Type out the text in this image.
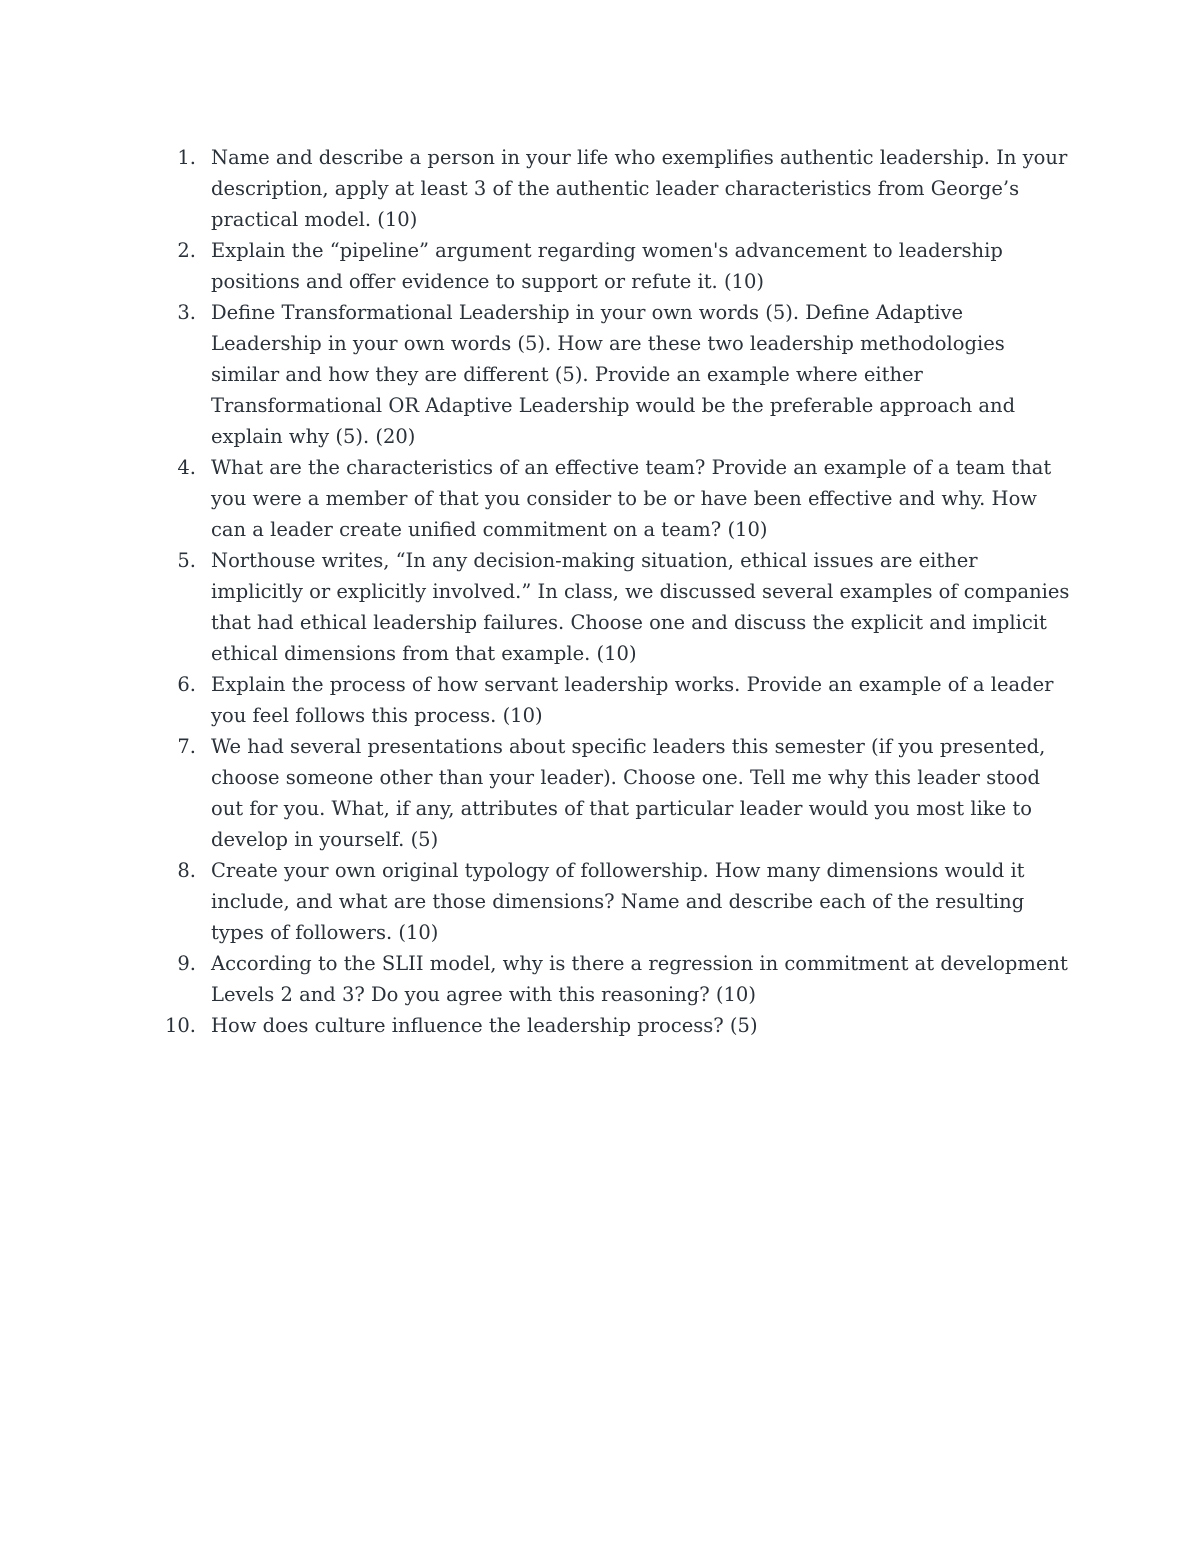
1. Name and describe a person in your life who exemplifies authentic leadership. In your description, apply at least 3 of the authentic leader characteristics from George’s practical model. (10)
2. Explain the “pipeline” argument regarding women's advancement to leadership positions and offer evidence to support or refute it. (10)
3. Define Transformational Leadership in your own words (5). Define Adaptive Leadership in your own words (5). How are these two leadership methodologies similar and how they are different (5). Provide an example where either Transformational OR Adaptive Leadership would be the preferable approach and explain why (5). (20)
4. What are the characteristics of an effective team? Provide an example of a team that you were a member of that you consider to be or have been effective and why. How can a leader create unified commitment on a team? (10)
5. Northouse writes, “In any decision-making situation, ethical issues are either implicitly or explicitly involved.” In class, we discussed several examples of companies that had ethical leadership failures. Choose one and discuss the explicit and implicit ethical dimensions from that example. (10)
6. Explain the process of how servant leadership works. Provide an example of a leader you feel follows this process. (10)
7. We had several presentations about specific leaders this semester (if you presented, choose someone other than your leader). Choose one. Tell me why this leader stood out for you. What, if any, attributes of that particular leader would you most like to develop in yourself. (5)
8. Create your own original typology of followership. How many dimensions would it include, and what are those dimensions? Name and describe each of the resulting types of followers. (10)
9. According to the SLII model, why is there a regression in commitment at development Levels 2 and 3? Do you agree with this reasoning? (10)
10. How does culture influence the leadership process? (5)
